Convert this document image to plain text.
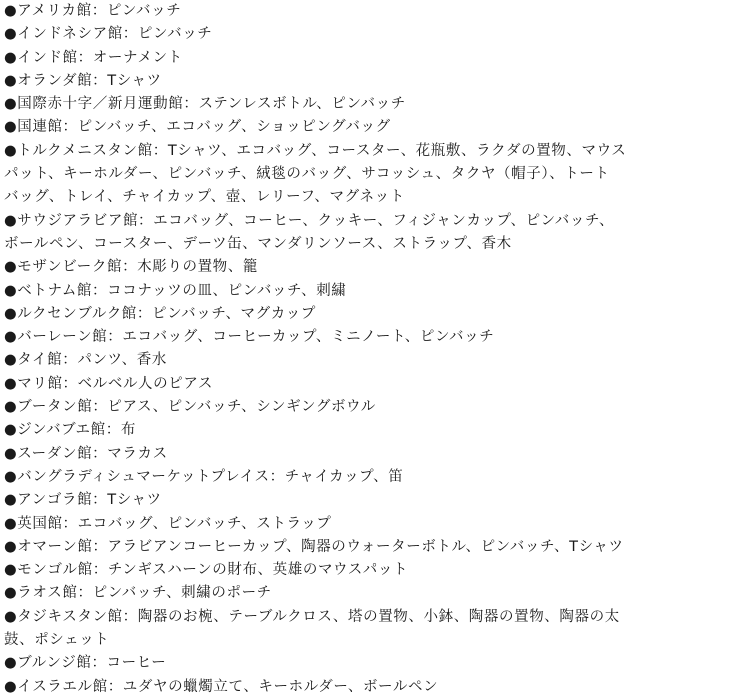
●アメリカ館：ピンバッチ
●インドネシア館：ピンバッチ
●インド館：オーナメント
●オランダ館：Tシャツ
●国際赤十字／新月運動館：ステンレスボトル、ピンバッチ
●国連館：ピンバッチ、エコバッグ、ショッピングバッグ
●トルクメニスタン館：Tシャツ、エコバッグ、コースター、花瓶敷、ラクダの置物、マウス
パット、キーホルダー、ピンバッチ、絨毯のバッグ、サコッシュ、タクヤ（帽子）、トート
バッグ、トレイ、チャイカップ、壺、レリーフ、マグネット
●サウジアラビア館：エコバッグ、コーヒー、クッキー、フィジャンカップ、ピンバッチ、
ボールペン、コースター、デーツ缶、マンダリンソース、ストラップ、香木
●モザンビーク館：木彫りの置物、籠
●ベトナム館：ココナッツの皿、ピンバッチ、刺繍
●ルクセンブルク館：ピンバッチ、マグカップ
●バーレーン館：エコバッグ、コーヒーカップ、ミニノート、ピンバッチ
●タイ館：パンツ、香水
●マリ館：ベルベル人のピアス
●ブータン館：ピアス、ピンバッチ、シンギングボウル
●ジンバブエ館：布
●スーダン館：マラカス
●バングラディシュマーケットプレイス：チャイカップ、笛
●アンゴラ館：Tシャツ
●英国館：エコバッグ、ピンバッチ、ストラップ
●オマーン館：アラビアンコーヒーカップ、陶器のウォーターボトル、ピンバッチ、Tシャツ
●モンゴル館：チンギスハーンの財布、英雄のマウスパット
●ラオス館：ピンバッチ、刺繍のポーチ
●タジキスタン館：陶器のお椀、テーブルクロス、塔の置物、小鉢、陶器の置物、陶器の太
鼓、ポシェット
●ブルンジ館：コーヒー
●イスラエル館：ユダヤの蠟燭立て、キーホルダー、ボールペン
